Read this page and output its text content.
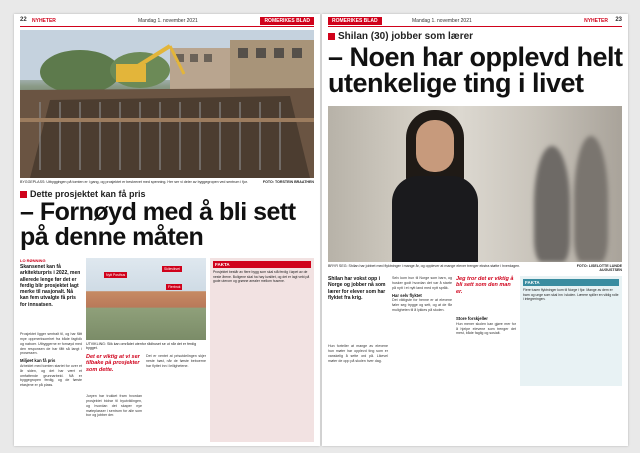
22 NYHETER	Mandag 1. november 2021	ROMERIKES BLAD
BYGGEPLASS: Utbyggingen på tomten er i gang, og prosjektet er beskrevet med spenning. Her ser vi deler av byggegropen ved sentrum i fjor.	FOTO: TORSTEIN BRAATHEN
Dette prosjektet kan få pris
– Fornøyd med å bli sett på denne måten
LO RØNNING
Skansenet kan få arkitekturpris i 2022, men allerede lenge før det er ferdig blir prosjektet lagt merke til nasjonalt. Nå kan fem utvalgte få pris for innsatsen.
Nytt Posthus
Skilevikvei
Flerbruk
UTVIKLING: Slik kan området utenfor rådhuset se ut når det er ferdig bygget.
Prosjektet ligger sentralt til, og har fått mye oppmerksomhet fra både fagfolk og naboer. Utbyggerne er fornøyd med den responsen de har fått så langt i prosessen.
Miljøet kan få pris
Arbeidet med tomten startet for over et år siden, og det har vært et omfattende grunnarbeid. Nå er byggegropen ferdig, og de første etasjene er på plass.
Det er viktig at vi ser tilbake på prosjekter som dette.
Juryen har trukket fram hvordan prosjektet bidrar til byutviklingen, og hvordan det skaper nye møteplasser i sentrum for alle som bor og jobber der.
Det er ventet at prisutdelingen skjer neste høst, når de første beboerne har flyttet inn i leilighetene.
FAKTA
Prosjektet består av flere bygg som skal stå ferdig i løpet av de neste årene. Boligene skal ha høy kvalitet, og det er lagt vekt på gode uterom og grønne arealer mellom husene.
ROMERIKES BLAD	Mandag 1. november 2021	NYHETER 23
Shilan (30) jobber som lærer
– Noen har opplevd helt utenkelige ting i livet
BRYR SEG: Shilan har jobbet med flyktninger i mange år, og opplever at mange elever trenger ekstra støtte i hverdagen.	FOTO: LISELOTTE LUNDE AUGUSTSEN
Shilan har vokst opp i Norge og jobber nå som lærer for elever som har flyktet fra krig.
Hun forteller at mange av elevene hun møter har opplevd ting som er vanskelig å sette ord på. Likevel møter de opp på skolen hver dag.
Selv kom hun til Norge som barn, og husker godt hvordan det var å starte på nytt i et nytt land med nytt språk.
Har selv flyktet
Det viktigste for henne er at elevene føler seg trygge og sett, og at de får muligheten til å lykkes på skolen.
Jeg tror det er viktig å bli sett som den man er.
Store forskjeller
Hun mener skolen kan gjøre mer for å hjelpe elevene som trenger det mest, både faglig og sosialt.
FAKTA
Flere tusen flyktninger kom til Norge i fjor. Mange av dem er barn og unge som skal inn i skolen. Lærere spiller en viktig rolle i integreringen.
